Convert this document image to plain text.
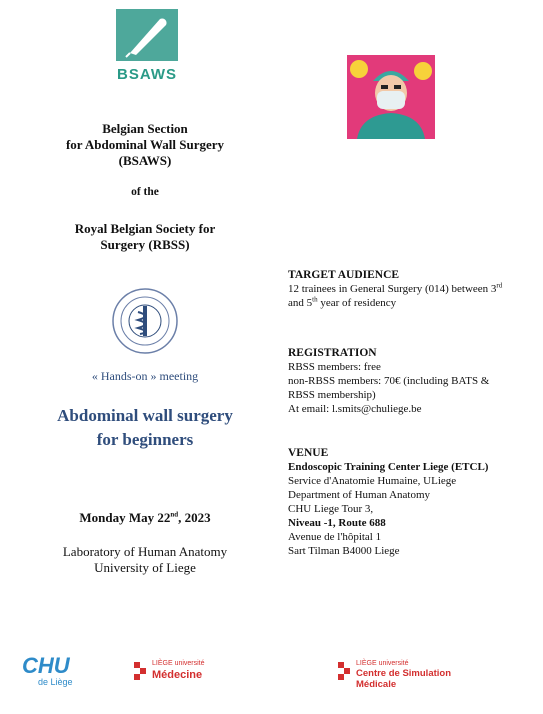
BSAWS
Belgian Section
for Abdominal Wall Surgery
(BSAWS)
of the
Royal Belgian Society for
Surgery (RBSS)
« Hands-on » meeting
Abdominal wall surgery
for beginners
Monday May 22nd, 2023
Laboratory of Human Anatomy
University of Liege
TARGET AUDIENCE
12 trainees in General Surgery (014) between 3rd
and 5th year of residency
REGISTRATION
RBSS members: free
non-RBSS members: 70€ (including BATS &
RBSS membership)
At email: l.smits@chuliege.be
VENUE
Endoscopic Training Center Liege (ETCL)
Service d'Anatomie Humaine, ULiege
Department of Human Anatomy
CHU Liege Tour 3,
Niveau -1, Route 688
Avenue de l'hôpital 1
Sart Tilman B4000 Liege
CHU
de Liège
LIÈGE université
Médecine
LIÈGE université
Centre de Simulation
Médicale
